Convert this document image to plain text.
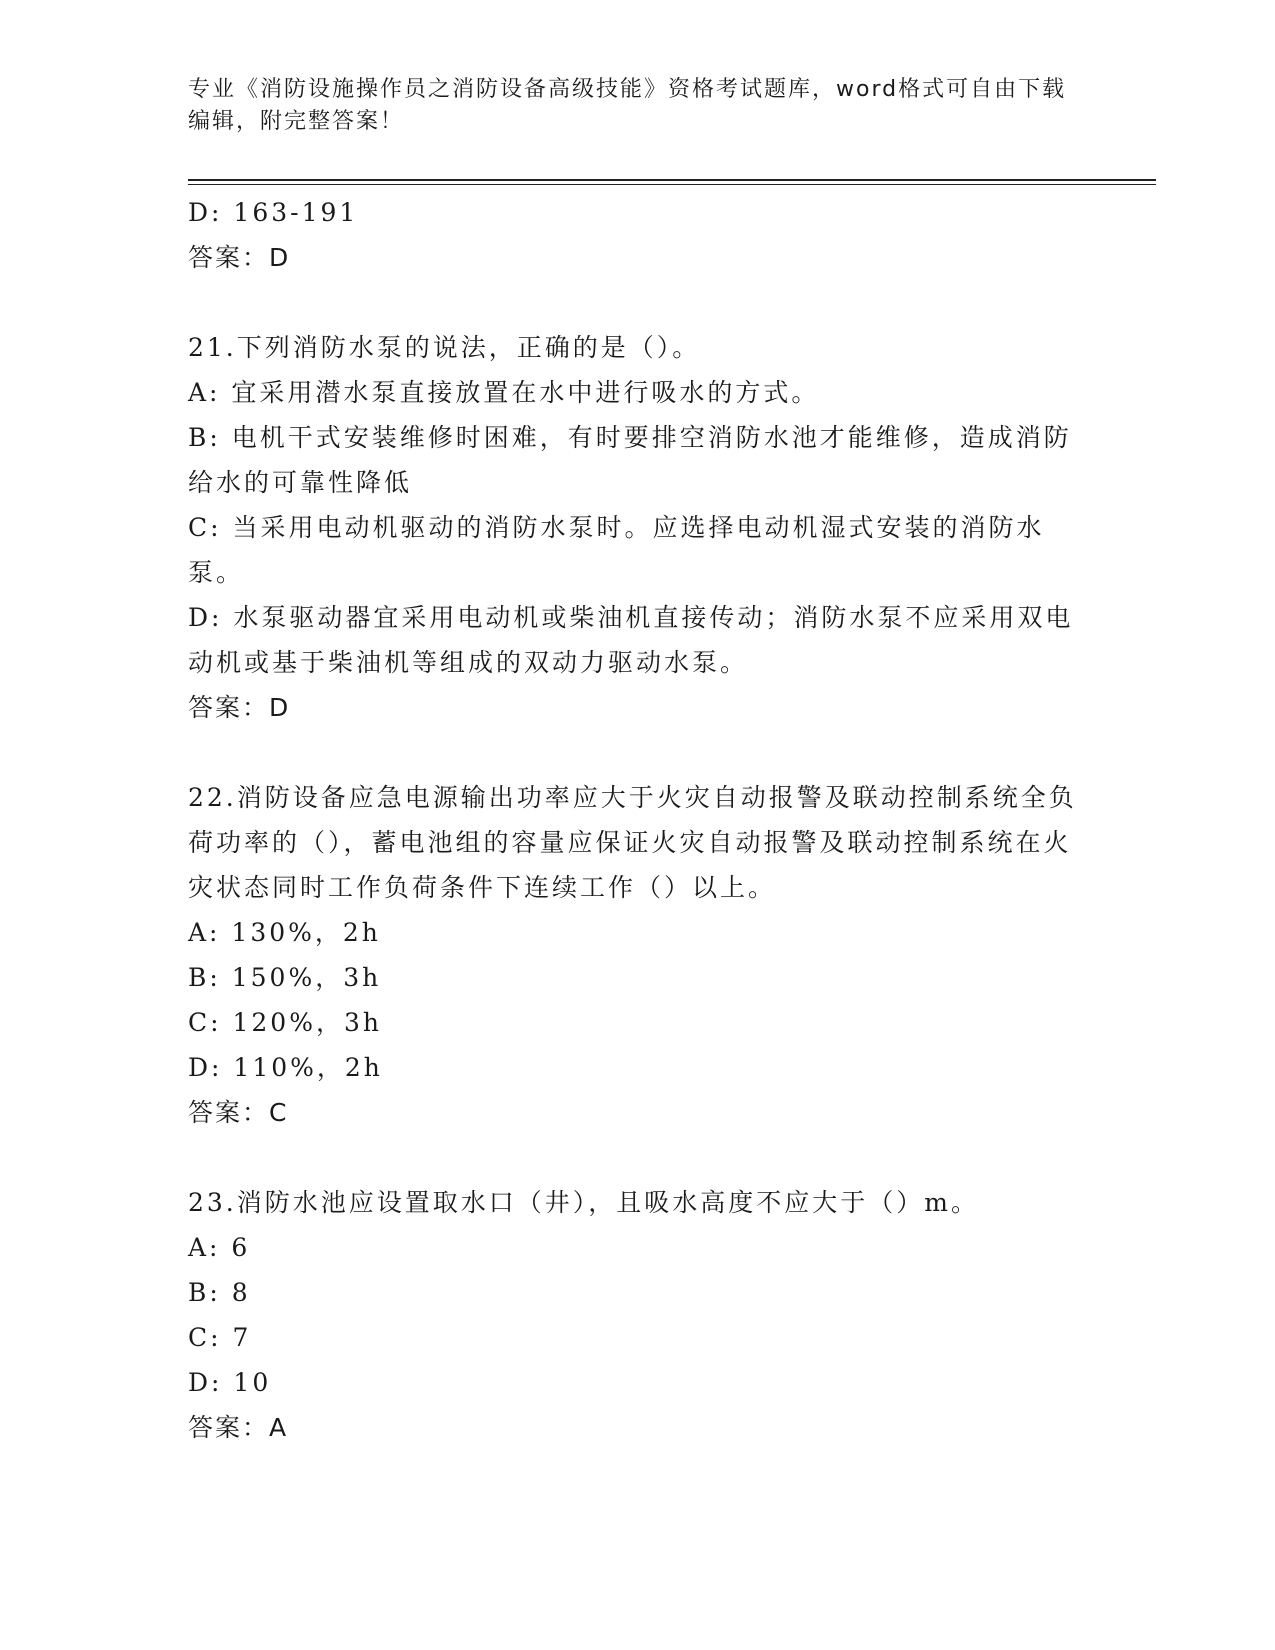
专业《消防设施操作员之消防设备高级技能》资格考试题库，word格式可自由下载编辑，附完整答案！

D: 163-191

答案：D

21.下列消防水泵的说法，正确的是（）。

A: 宜采用潜水泵直接放置在水中进行吸水的方式。

B: 电机干式安装维修时困难，有时要排空消防水池才能维修，造成消防给水的可靠性降低

C: 当采用电动机驱动的消防水泵时。应选择电动机湿式安装的消防水泵。

D: 水泵驱动器宜采用电动机或柴油机直接传动；消防水泵不应采用双电动机或基于柴油机等组成的双动力驱动水泵。

答案：D

22.消防设备应急电源输出功率应大于火灾自动报警及联动控制系统全负荷功率的（），蓄电池组的容量应保证火灾自动报警及联动控制系统在火灾状态同时工作负荷条件下连续工作（）以上。

A: 130%，2h

B: 150%，3h

C: 120%，3h

D: 110%，2h

答案：C

23.消防水池应设置取水口（井），且吸水高度不应大于（）m。

A: 6

B: 8

C: 7

D: 10

答案：A
